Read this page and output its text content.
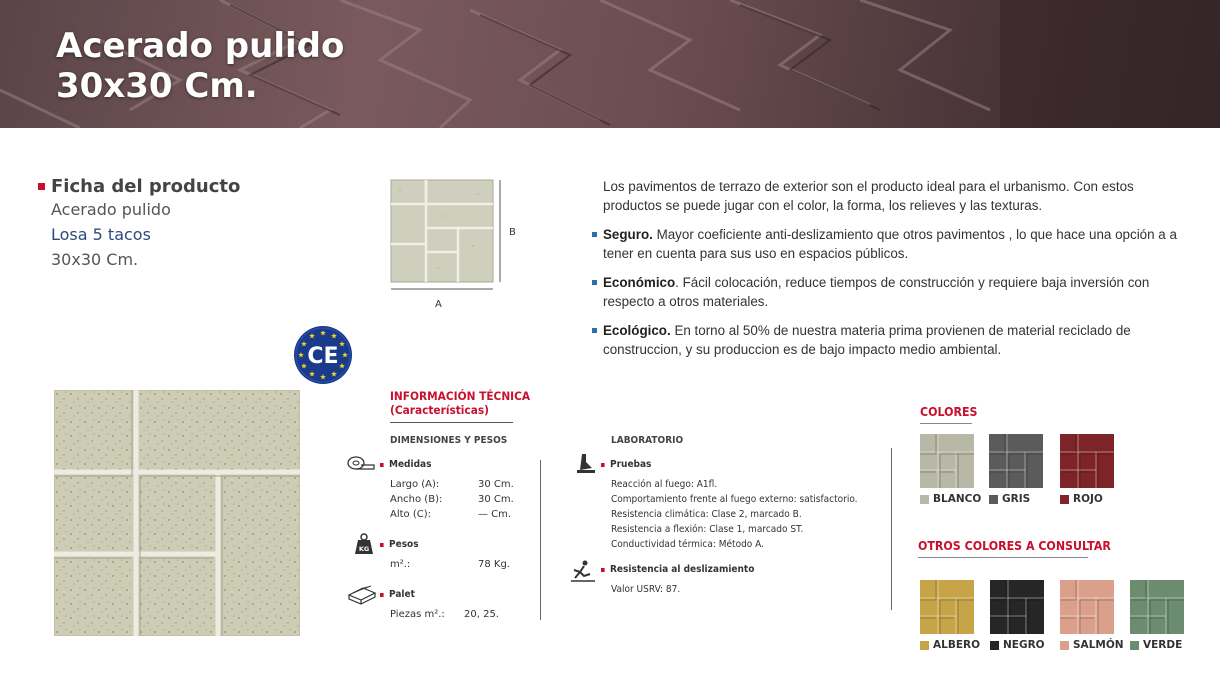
Acerado pulido
30x30 Cm.
Ficha del producto
Acerado pulido
Losa 5 tacos
30x30 Cm.
A
B
CE

Los pavimentos de terrazo de exterior son el producto ideal para el urbanismo. Con estos productos se puede jugar con el color, la forma, los relieves y las texturas.

Seguro. Mayor coeficiente anti-deslizamiento que otros pavimentos , lo que hace una opción a a tener en cuenta para sus uso en espacios públicos.
Económico. Fácil colocación, reduce tiempos de construcción y requiere baja inversión con respecto a otros materiales.
Ecológico. En torno al 50% de nuestra materia prima provienen de material reciclado de construccion, y su produccion es de bajo impacto medio ambiental.
INFORMACIÓN TÉCNICA
(Características)
DIMENSIONES Y PESOS
Medidas
Largo (A):	30 Cm.
Ancho (B):	30 Cm.
Alto (C):	— Cm.
KG Pesos
m².:	78 Kg.
Palet
Piezas m².: 20, 25.
LABORATORIO
Pruebas
Reacción al fuego: A1fl.
Comportamiento frente al fuego externo: satisfactorio.
Resistencia climática: Clase 2, marcado B.
Resistencia a flexión: Clase 1, marcado ST.
Conductividad térmica: Método A.
Resistencia al deslizamiento
Valor USRV: 87.
COLORES
BLANCO GRIS	ROJO
OTROS COLORES A CONSULTAR
ALBERO NEGRO	SALMÓN VERDE
